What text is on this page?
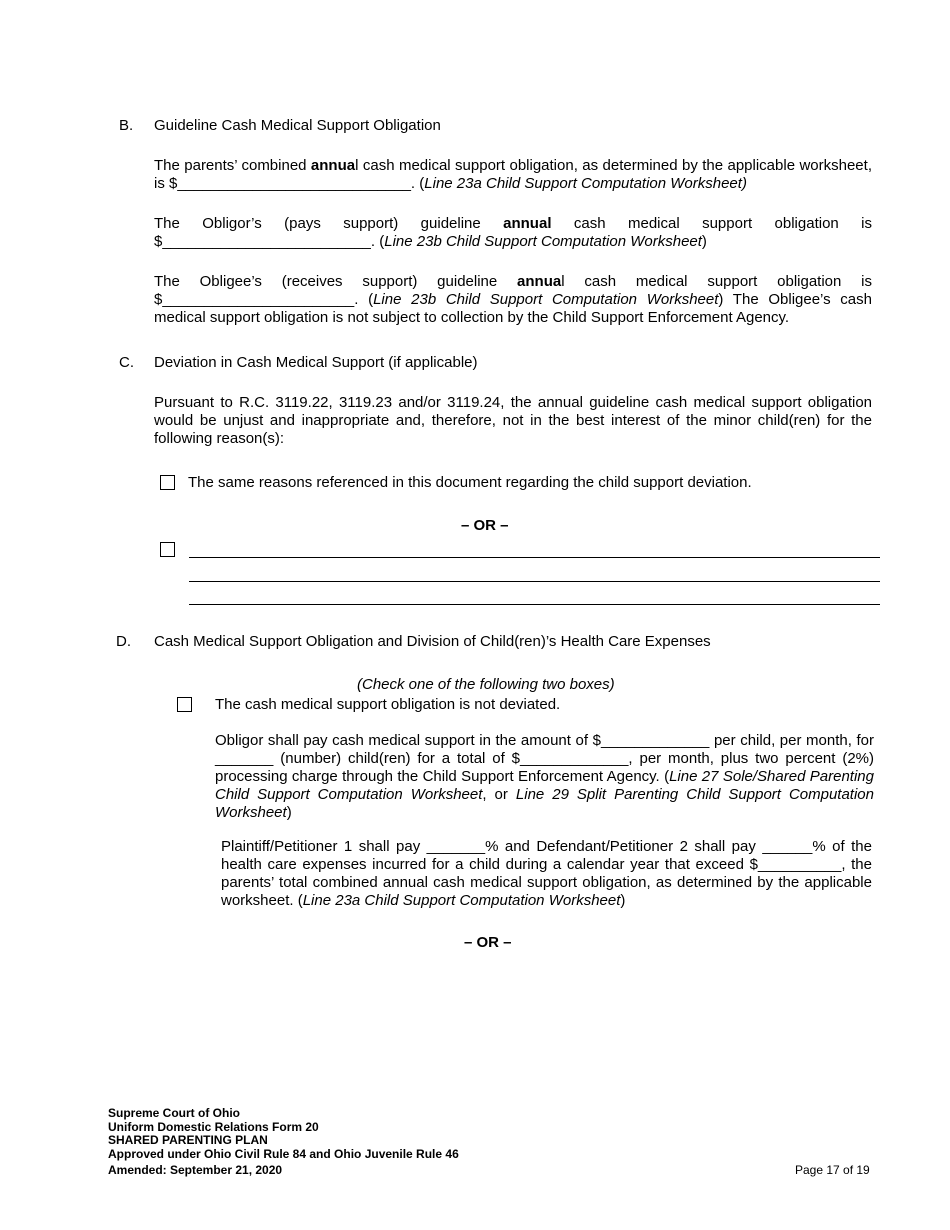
B. Guideline Cash Medical Support Obligation

The parents’ combined annual cash medical support obligation, as determined by the applicable worksheet, is $____________________________. (Line 23a Child Support Computation Worksheet)

The Obligor’s (pays support) guideline annual cash medical support obligation is $_________________________. (Line 23b Child Support Computation Worksheet)

The Obligee’s (receives support) guideline annual cash medical support obligation is $_______________________. (Line 23b Child Support Computation Worksheet) The Obligee’s cash medical support obligation is not subject to collection by the Child Support Enforcement Agency.

C. Deviation in Cash Medical Support (if applicable)

Pursuant to R.C. 3119.22, 3119.23 and/or 3119.24, the annual guideline cash medical support obligation would be unjust and inappropriate and, therefore, not in the best interest of the minor child(ren) for the following reason(s):

The same reasons referenced in this document regarding the child support deviation.
– OR –
D. Cash Medical Support Obligation and Division of Child(ren)’s Health Care Expenses
(Check one of the following two boxes)
The cash medical support obligation is not deviated.

Obligor shall pay cash medical support in the amount of $_____________ per child, per month, for _______ (number) child(ren) for a total of $_____________, per month, plus two percent (2%) processing charge through the Child Support Enforcement Agency. (Line 27 Sole/Shared Parenting Child Support Computation Worksheet, or Line 29 Split Parenting Child Support Computation Worksheet)

Plaintiff/Petitioner 1 shall pay _______% and Defendant/Petitioner 2 shall pay ______% of the health care expenses incurred for a child during a calendar year that exceed $__________, the parents’ total combined annual cash medical support obligation, as determined by the applicable worksheet. (Line 23a Child Support Computation Worksheet)

– OR –
Supreme Court of Ohio
Uniform Domestic Relations Form 20
SHARED PARENTING PLAN
Approved under Ohio Civil Rule 84 and Ohio Juvenile Rule 46
Amended: September 21, 2020	Page 17 of 19
